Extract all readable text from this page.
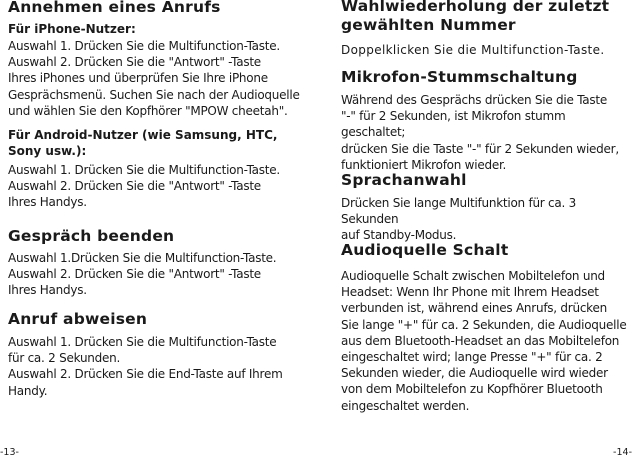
Annehmen eines Anrufs
Für iPhone-Nutzer:

Auswahl 1. Drücken Sie die Multifunction-Taste.
Auswahl 2. Drücken Sie die "Antwort" -Taste
Ihres iPhones und überprüfen Sie Ihre iPhone
Gesprächsmenü. Suchen Sie nach der Audioquelle
und wählen Sie den Kopfhörer "MPOW cheetah".

Für Android-Nutzer (wie Samsung, HTC,
Sony usw.):

Auswahl 1. Drücken Sie die Multifunction-Taste.
Auswahl 2. Drücken Sie die "Antwort" -Taste
Ihres Handys.

Gespräch beenden

Auswahl 1.Drücken Sie die Multifunction-Taste.
Auswahl 2. Drücken Sie die "Antwort" -Taste
Ihres Handys.

Anruf abweisen

Auswahl 1. Drücken Sie die Multifunction-Taste
für ca. 2 Sekunden.
Auswahl 2. Drücken Sie die End-Taste auf Ihrem
Handy.

Wahlwiederholung der zuletzt
gewählten Nummer

Doppelklicken Sie die Multifunction-Taste.

Mikrofon-Stummschaltung

Während des Gesprächs drücken Sie die Taste
"-" für 2 Sekunden, ist Mikrofon stumm geschaltet;
drücken Sie die Taste "-" für 2 Sekunden wieder,
funktioniert Mikrofon wieder.

Sprachanwahl

Drücken Sie lange Multifunktion für ca. 3 Sekunden
auf Standby-Modus.

Audioquelle Schalt

Audioquelle Schalt zwischen Mobiltelefon und
Headset: Wenn Ihr Phone mit Ihrem Headset
verbunden ist, während eines Anrufs, drücken
Sie lange "+" für ca. 2 Sekunden, die Audioquelle
aus dem Bluetooth-Headset an das Mobiltelefon
eingeschaltet wird; lange Presse "+" für ca. 2
Sekunden wieder, die Audioquelle wird wieder
von dem Mobiltelefon zu Kopfhörer Bluetooth
eingeschaltet werden.

-13-	-14-
